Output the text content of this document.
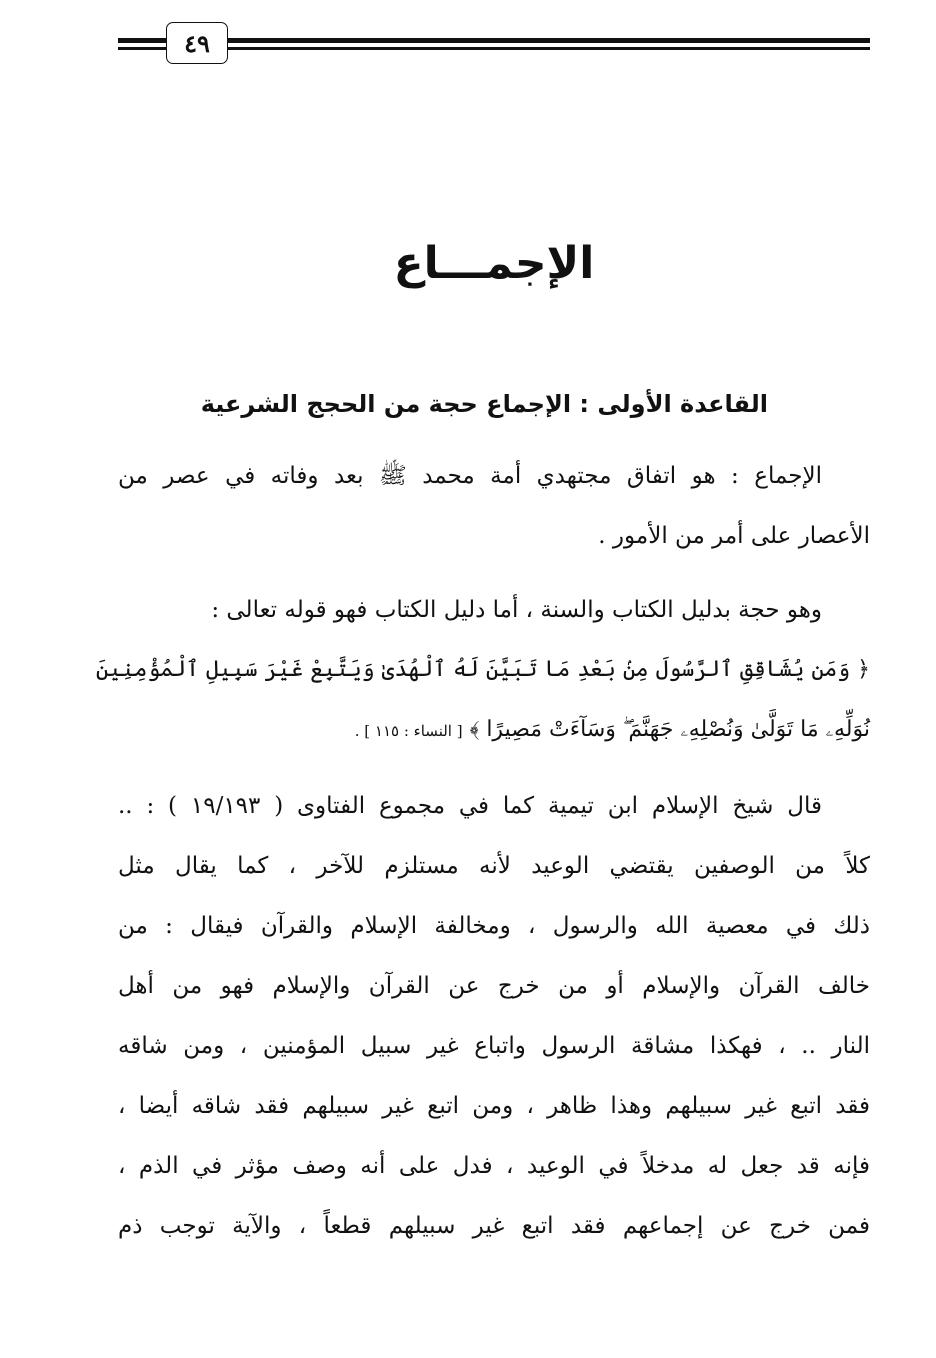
٤٩
الإجمـــاع
القاعدة الأولى : الإجماع حجة من الحجج الشرعية
الإجماع : هو اتفاق مجتهدي أمة محمد ﷺ بعد وفاته في عصر من
الأعصار على أمر من الأمور .
وهو حجة بدليل الكتاب والسنة ، أما دليل الكتاب فهو قوله تعالى :
﴿ وَمَن يُشَاقِقِ ٱلرَّسُولَ مِنۢ بَعْدِ مَا تَبَيَّنَ لَهُ ٱلْهُدَىٰ وَيَتَّبِعْ غَيْرَ سَبِيلِ ٱلْمُؤْمِنِينَ
نُوَلِّهِۦ مَا تَوَلَّىٰ وَنُصْلِهِۦ جَهَنَّمَ ۖ وَسَآءَتْ مَصِيرًا ﴾ [ النساء : ١١٥ ] .
قال شيخ الإسلام ابن تيمية كما في مجموع الفتاوى ( ١٩/١٩٣ ) : ..
كلاً من الوصفين يقتضي الوعيد لأنه مستلزم للآخر ، كما يقال مثل
ذلك في معصية الله والرسول ، ومخالفة الإسلام والقرآن فيقال : من
خالف القرآن والإسلام أو من خرج عن القرآن والإسلام فهو من أهل
النار .. ، فهكذا مشاقة الرسول واتباع غير سبيل المؤمنين ، ومن شاقه
فقد اتبع غير سبيلهم وهذا ظاهر ، ومن اتبع غير سبيلهم فقد شاقه أيضا ،
فإنه قد جعل له مدخلاً في الوعيد ، فدل على أنه وصف مؤثر في الذم ،
فمن خرج عن إجماعهم فقد اتبع غير سبيلهم قطعاً ، والآية توجب ذم
